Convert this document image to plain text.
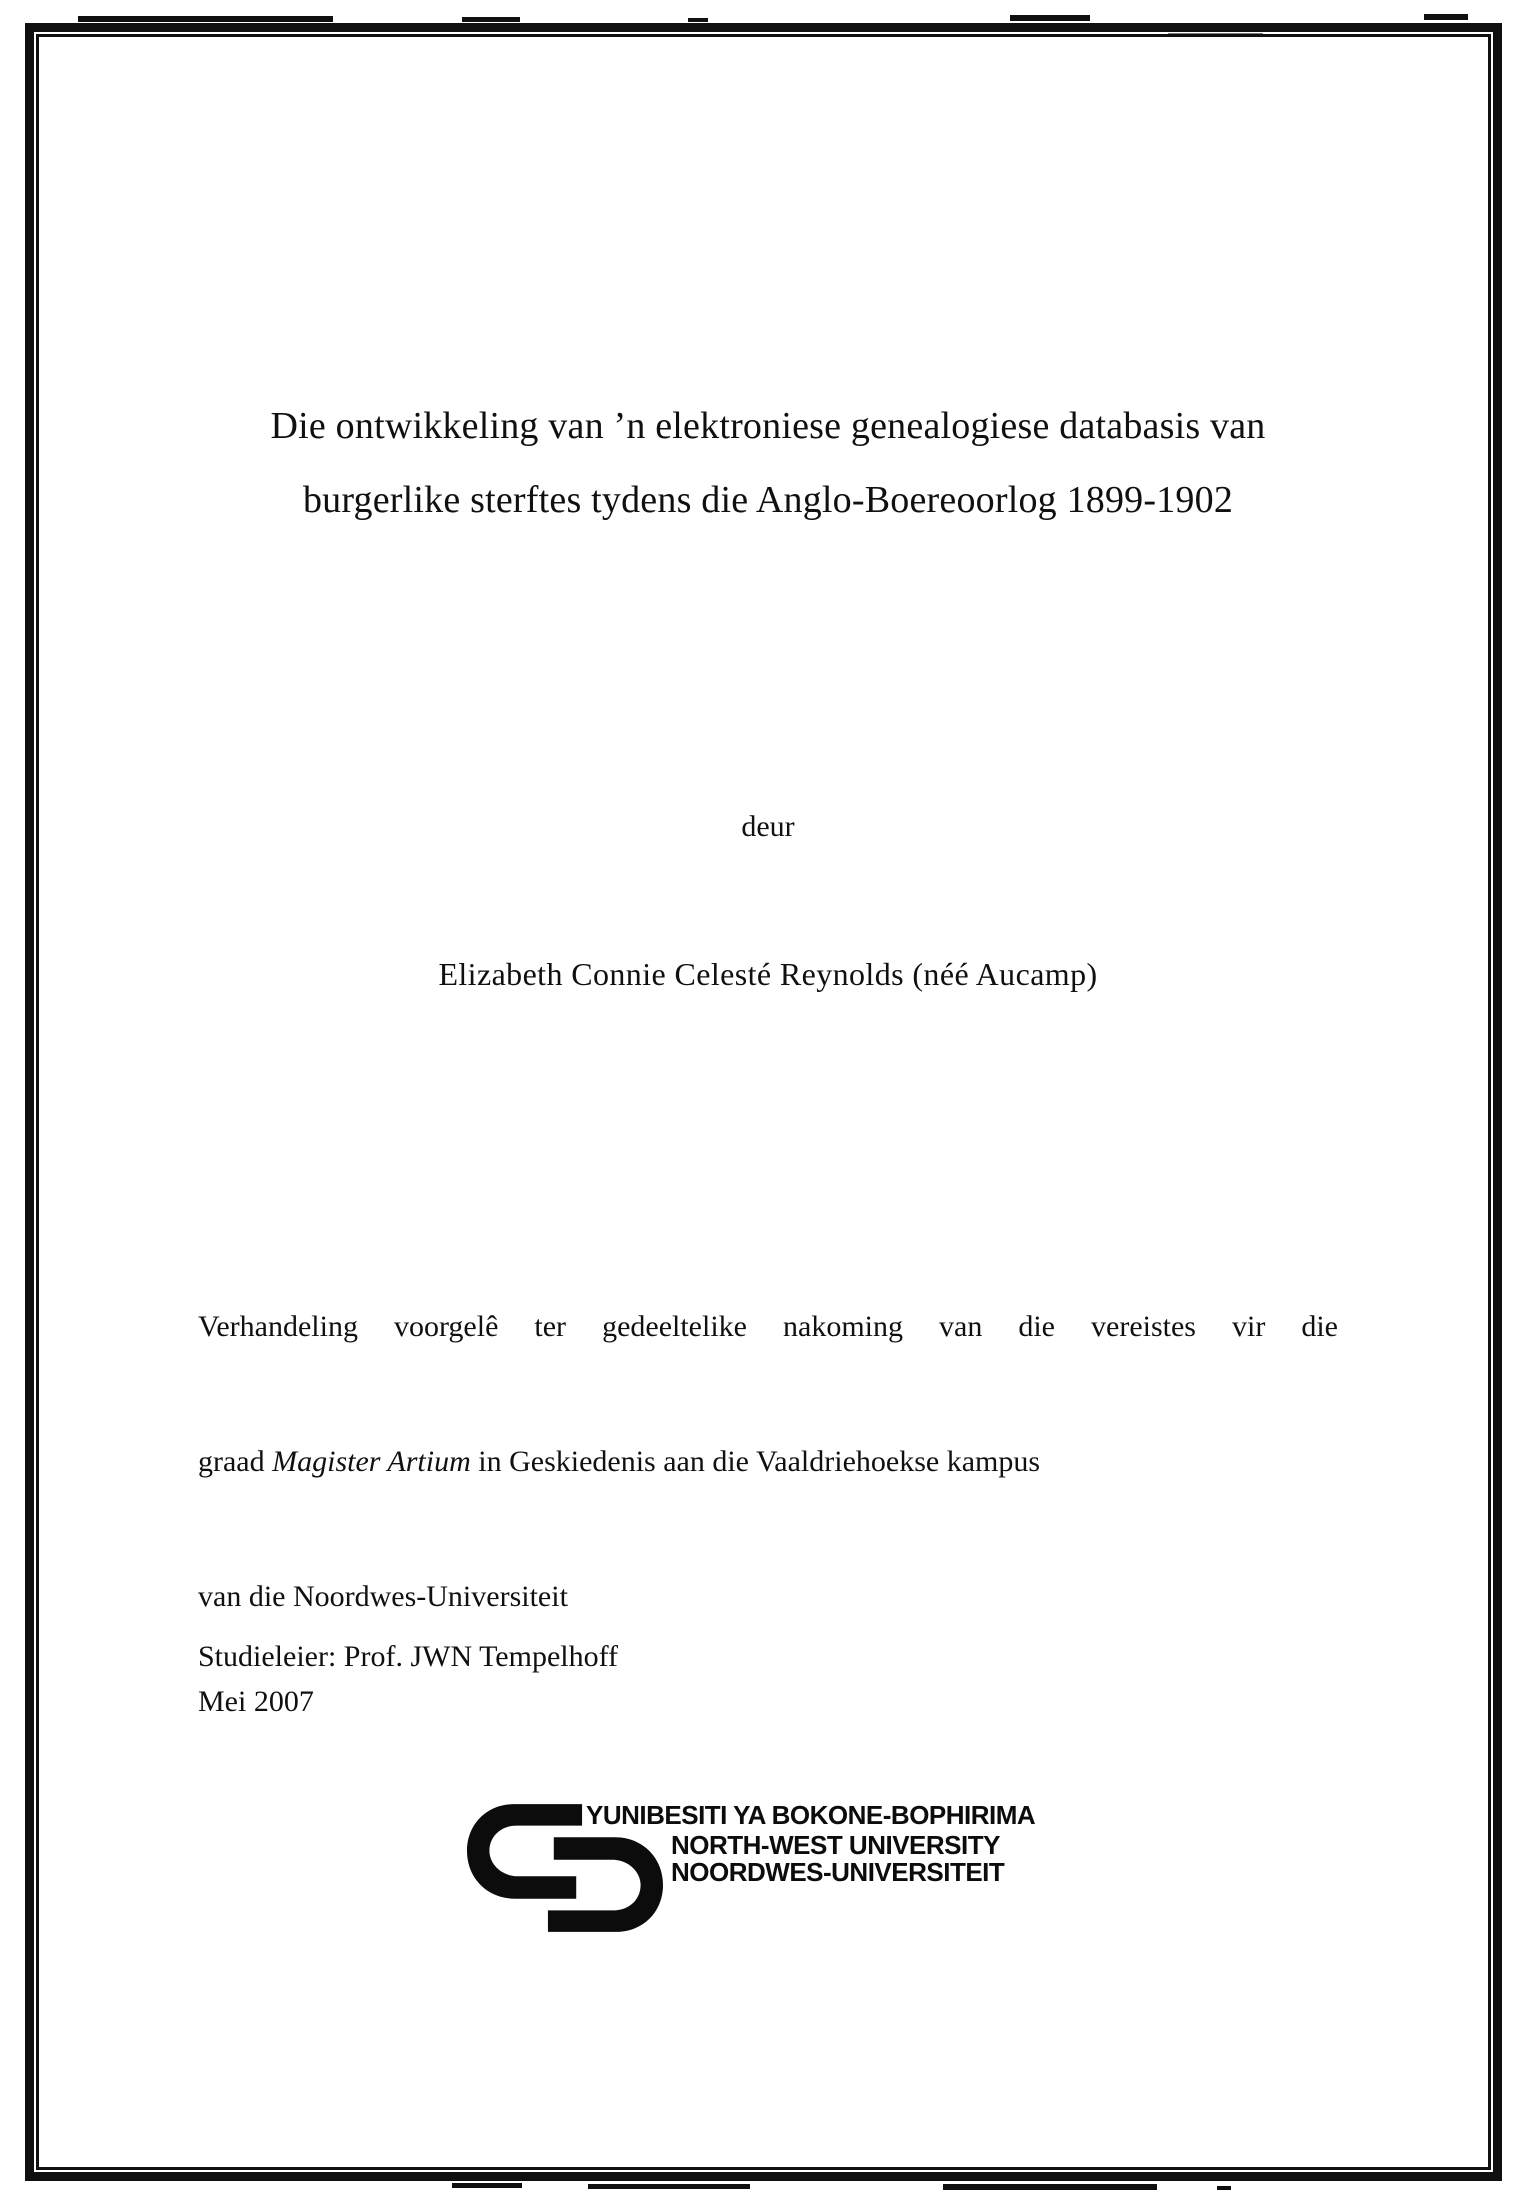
Die ontwikkeling van ’n elektroniese genealogiese databasis van
burgerlike sterftes tydens die Anglo-Boereoorlog 1899-1902
deur
Elizabeth Connie Celesté Reynolds (néé Aucamp)

Verhandeling voorgelê ter gedeeltelike nakoming van die vereistes vir die

graad Magister Artium in Geskiedenis aan die Vaaldriehoekse kampus

van die Noordwes-Universiteit

Studieleier: Prof. JWN Tempelhoff
Mei 2007
YUNIBESITI YA BOKONE-BOPHIRIMA
NORTH-WEST UNIVERSITY
NOORDWES-UNIVERSITEIT
